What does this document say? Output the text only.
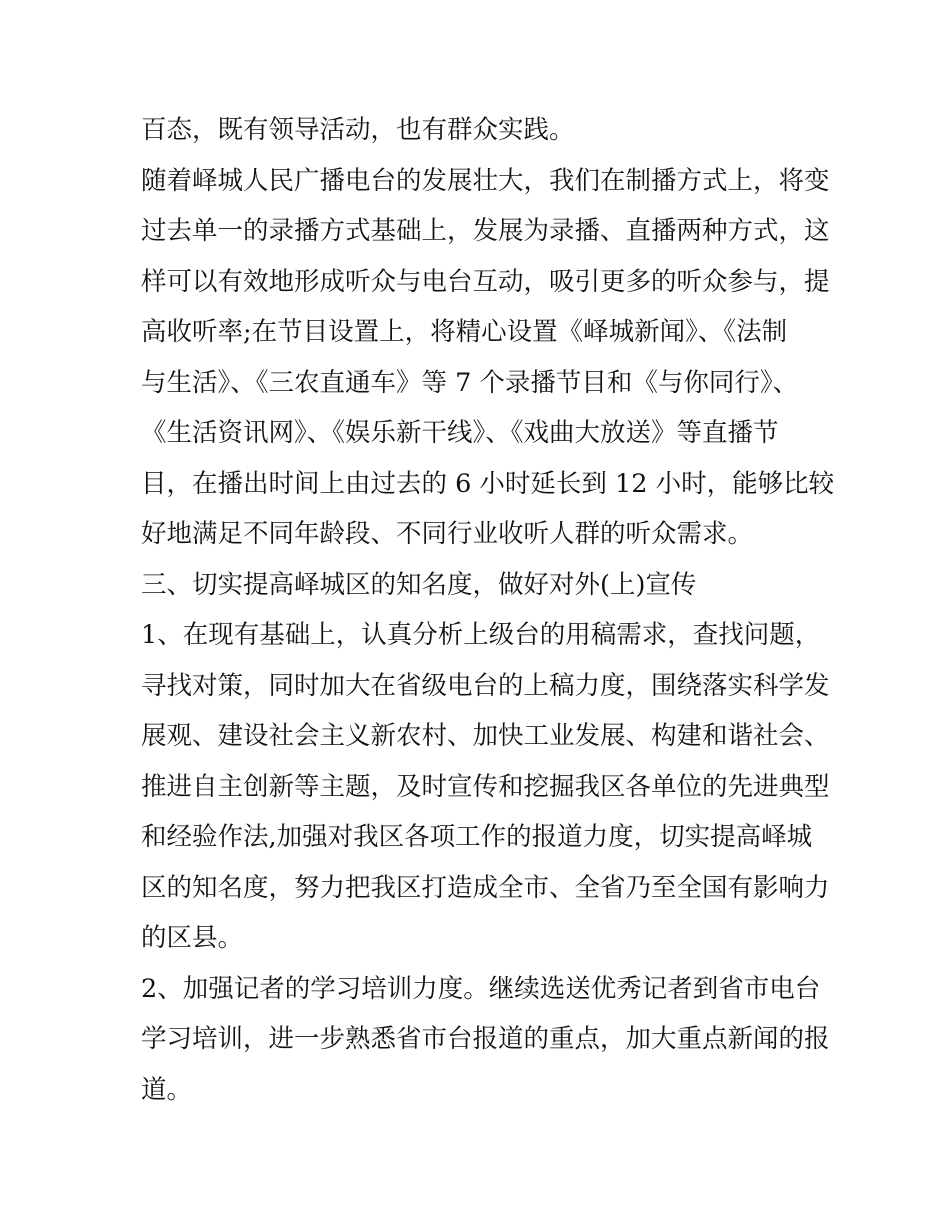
百态，既有领导活动，也有群众实践。
随着峄城人民广播电台的发展壮大，我们在制播方式上，将变
过去单一的录播方式基础上，发展为录播、直播两种方式，这
样可以有效地形成听众与电台互动，吸引更多的听众参与，提
高收听率;在节目设置上，将精心设置《峄城新闻》、《法制
与生活》、《三农直通车》等 7 个录播节目和《与你同行》、
《生活资讯网》、《娱乐新干线》、《戏曲大放送》等直播节
目，在播出时间上由过去的 6 小时延长到 12 小时，能够比较
好地满足不同年龄段、不同行业收听人群的听众需求。
三、切实提高峄城区的知名度，做好对外(上)宣传
1、在现有基础上，认真分析上级台的用稿需求，查找问题，
寻找对策，同时加大在省级电台的上稿力度，围绕落实科学发
展观、建设社会主义新农村、加快工业发展、构建和谐社会、
推进自主创新等主题，及时宣传和挖掘我区各单位的先进典型
和经验作法,加强对我区各项工作的报道力度，切实提高峄城
区的知名度，努力把我区打造成全市、全省乃至全国有影响力
的区县。
2、加强记者的学习培训力度。继续选送优秀记者到省市电台
学习培训，进一步熟悉省市台报道的重点，加大重点新闻的报
道。
